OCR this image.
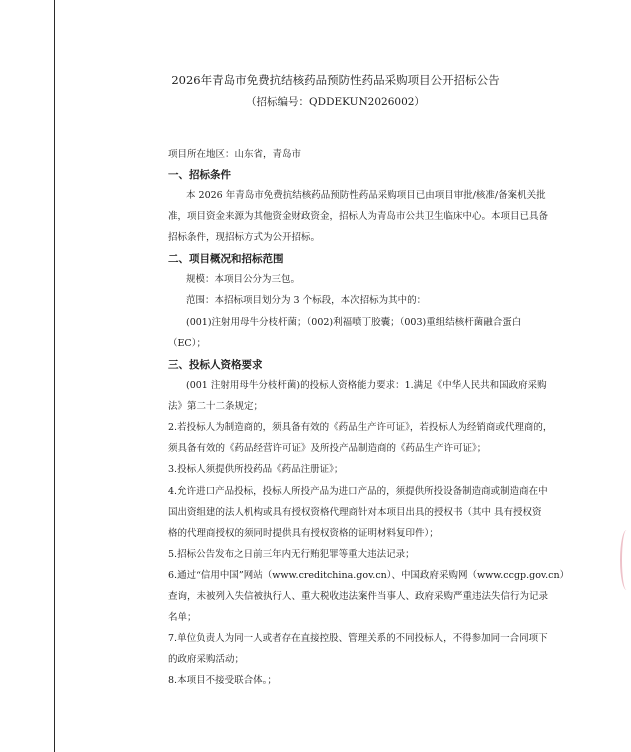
2026年青岛市免费抗结核药品预防性药品采购项目公开招标公告
（招标编号：QDDEKUN2026002）
项目所在地区：山东省，青岛市
一、招标条件
本 2026 年青岛市免费抗结核药品预防性药品采购项目已由项目审批/核准/备案机关批
准，项目资金来源为其他资金财政资金，招标人为青岛市公共卫生临床中心。本项目已具备
招标条件，现招标方式为公开招标。
二、项目概况和招标范围
规模：本项目公分为三包。
范围：本招标项目划分为 3 个标段，本次招标为其中的：
(001)注射用母牛分枝杆菌；（002)利福喷丁胶囊；（003)重组结核杆菌融合蛋白
（EC）；
三、投标人资格要求
(001 注射用母牛分枝杆菌)的投标人资格能力要求：1.满足《中华人民共和国政府采购
法》第二十二条规定；
2.若投标人为制造商的，须具备有效的《药品生产许可证》，若投标人为经销商或代理商的，
须具备有效的《药品经营许可证》及所投产品制造商的《药品生产许可证》；
3.投标人须提供所投药品《药品注册证》；
4.允许进口产品投标，投标人所投产品为进口产品的，须提供所投设备制造商或制造商在中
国出资组建的法人机构或具有授权资格代理商针对本项目出具的授权书（其中 具有授权资
格的代理商授权的须同时提供具有授权资格的证明材料复印件）；
5.招标公告发布之日前三年内无行贿犯罪等重大违法记录；
6.通过“信用中国”网站（www.creditchina.gov.cn）、中国政府采购网（www.ccgp.gov.cn）
查询，未被列入失信被执行人、重大税收违法案件当事人、政府采购严重违法失信行为记录
名单；
7.单位负责人为同一人或者存在直接控股、管理关系的不同投标人，不得参加同一合同项下
的政府采购活动；
8.本项目不接受联合体。；
